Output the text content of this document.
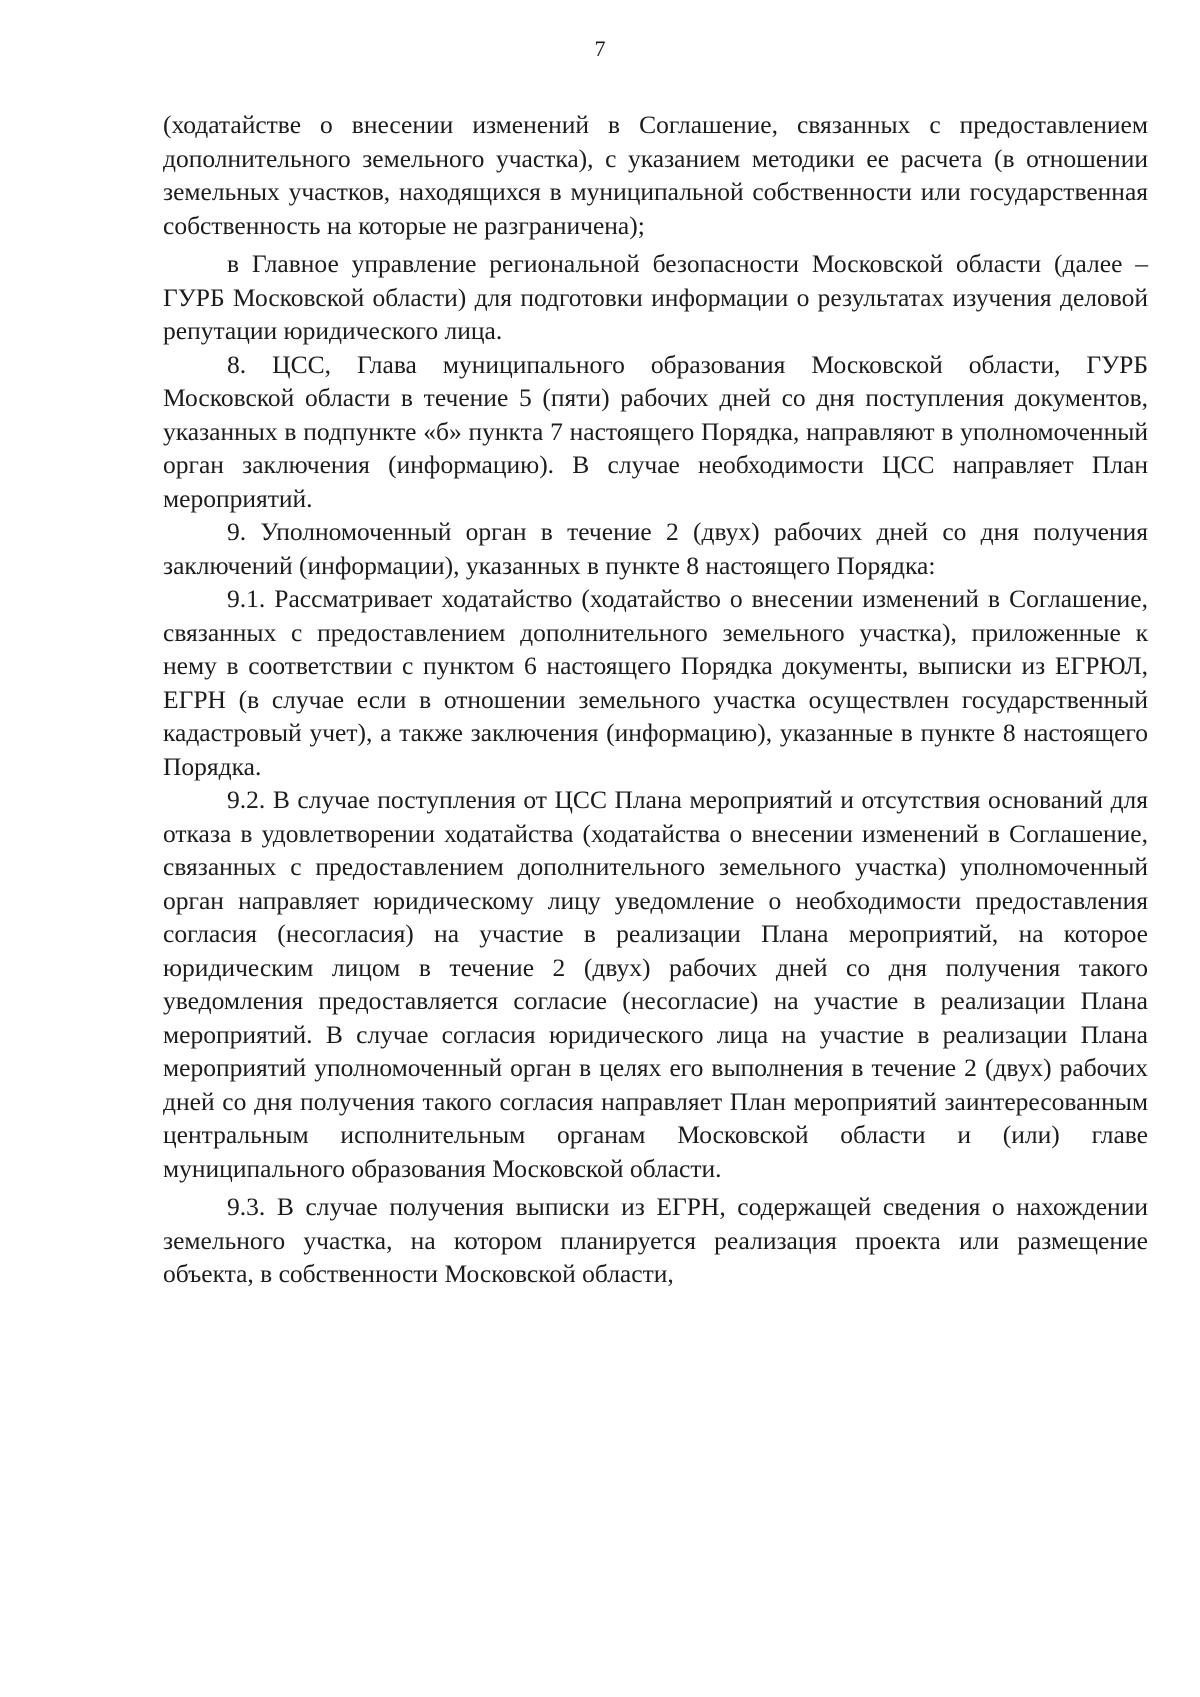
7

(ходатайстве о внесении изменений в Соглашение, связанных с предоставлением дополнительного земельного участка), с указанием методики ее расчета (в отношении земельных участков, находящихся в муниципальной собственности или государственная собственность на которые не разграничена);

в Главное управление региональной безопасности Московской области (далее – ГУРБ Московской области) для подготовки информации о результатах изучения деловой репутации юридического лица.

8. ЦСС, Глава муниципального образования Московской области, ГУРБ Московской области в течение 5 (пяти) рабочих дней со дня поступления документов, указанных в подпункте «б» пункта 7 настоящего Порядка, направляют в уполномоченный орган заключения (информацию). В случае необходимости ЦСС направляет План мероприятий.

9. Уполномоченный орган в течение 2 (двух) рабочих дней со дня получения заключений (информации), указанных в пункте 8 настоящего Порядка:

9.1. Рассматривает ходатайство (ходатайство о внесении изменений в Соглашение, связанных с предоставлением дополнительного земельного участка), приложенные к нему в соответствии с пунктом 6 настоящего Порядка документы, выписки из ЕГРЮЛ, ЕГРН (в случае если в отношении земельного участка осуществлен государственный кадастровый учет), а также заключения (информацию), указанные в пункте 8 настоящего Порядка.

9.2. В случае поступления от ЦСС Плана мероприятий и отсутствия оснований для отказа в удовлетворении ходатайства (ходатайства о внесении изменений в Соглашение, связанных с предоставлением дополнительного земельного участка) уполномоченный орган направляет юридическому лицу уведомление о необходимости предоставления согласия (несогласия) на участие в реализации Плана мероприятий, на которое юридическим лицом в течение 2 (двух) рабочих дней со дня получения такого уведомления предоставляется согласие (несогласие) на участие в реализации Плана мероприятий. В случае согласия юридического лица на участие в реализации Плана мероприятий уполномоченный орган в целях его выполнения в течение 2 (двух) рабочих дней со дня получения такого согласия направляет План мероприятий заинтересованным центральным исполнительным органам Московской области и (или) главе муниципального образования Московской области.

9.3. В случае получения выписки из ЕГРН, содержащей сведения о нахождении земельного участка, на котором планируется реализация проекта или размещение объекта, в собственности Московской области,
